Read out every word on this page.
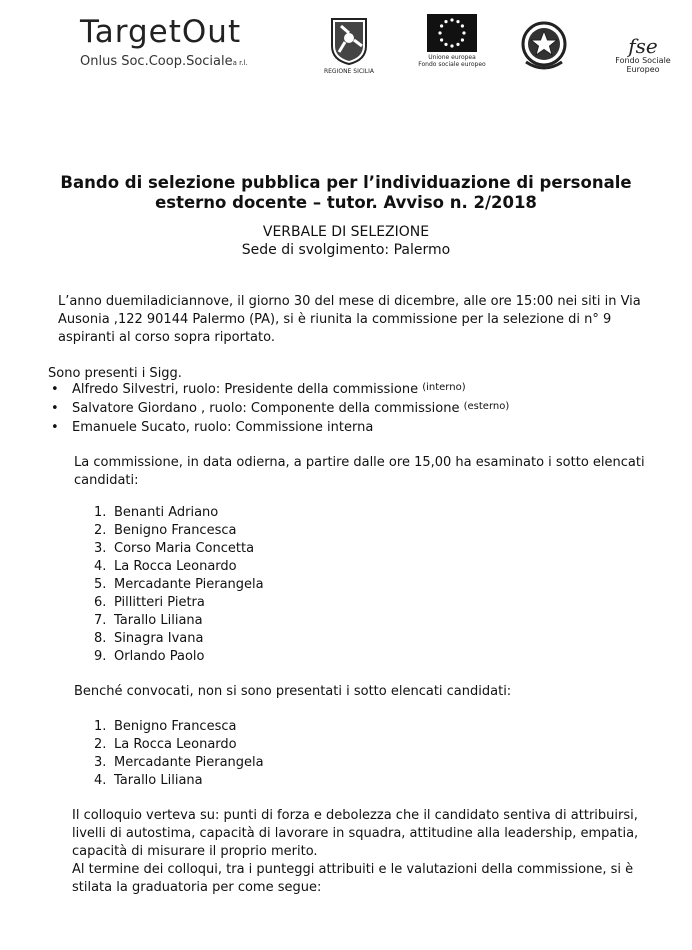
TargetOut
Onlus Soc.Coop.Socialea r.l.
REGIONE SICILIA
Unione europea
Fondo sociale europeo
fse
Fondo Sociale Europeo
Bando di selezione pubblica per l’individuazione di personale
esterno docente – tutor. Avviso n. 2/2018
VERBALE DI SELEZIONE
Sede di svolgimento: Palermo
L’anno duemiladiciannove, il giorno 30 del mese di dicembre, alle ore 15:00 nei siti in Via Ausonia ,122 90144 Palermo (PA), si è riunita la commissione per la selezione di n° 9 aspiranti al corso sopra riportato.
Sono presenti i Sigg.
• Alfredo Silvestri, ruolo: Presidente della commissione $^{(interno)}$
• Salvatore Giordano , ruolo: Componente della commissione $^{(esterno)}$
• Emanuele Sucato, ruolo: Commissione interna
La commissione, in data odierna, a partire dalle ore 15,00 ha esaminato i sotto elencati candidati:
1. Benanti Adriano
2. Benigno Francesca
3. Corso Maria Concetta
4. La Rocca Leonardo
5. Mercadante Pierangela
6. Pillitteri Pietra
7. Tarallo Liliana
8. Sinagra Ivana
9. Orlando Paolo
Benché convocati, non si sono presentati i sotto elencati candidati:
1. Benigno Francesca
2. La Rocca Leonardo
3. Mercadante Pierangela
4. Tarallo Liliana
Il colloquio verteva su: punti di forza e debolezza che il candidato sentiva di attribuirsi, livelli di autostima, capacità di lavorare in squadra, attitudine alla leadership, empatia, capacità di misurare il proprio merito.
Al termine dei colloqui, tra i punteggi attribuiti e le valutazioni della commissione, si è stilata la graduatoria per come segue:
